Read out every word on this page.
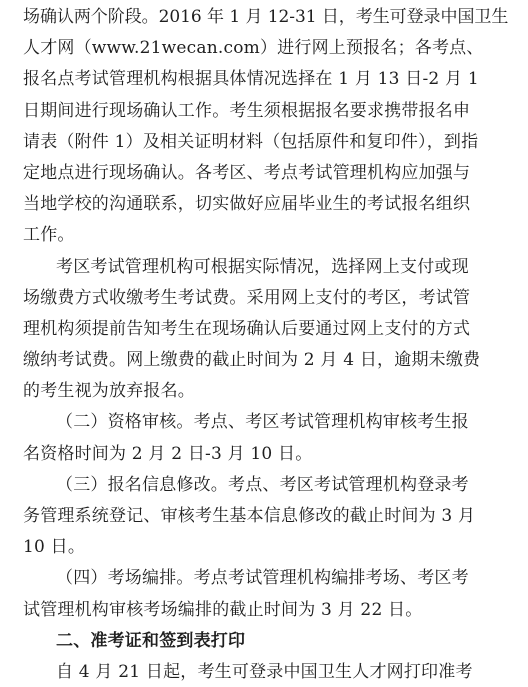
场确认两个阶段。2016 年 1 月 12-31 日，考生可登录中国卫生
人才网（www.21wecan.com）进行网上预报名；各考点、
报名点考试管理机构根据具体情况选择在 1 月 13 日-2 月 1
日期间进行现场确认工作。考生须根据报名要求携带报名申
请表（附件 1）及相关证明材料（包括原件和复印件），到指
定地点进行现场确认。各考区、考点考试管理机构应加强与
当地学校的沟通联系，切实做好应届毕业生的考试报名组织
工作。
考区考试管理机构可根据实际情况，选择网上支付或现
场缴费方式收缴考生考试费。采用网上支付的考区，考试管
理机构须提前告知考生在现场确认后要通过网上支付的方式
缴纳考试费。网上缴费的截止时间为 2 月 4 日，逾期未缴费
的考生视为放弃报名。
（二）资格审核。考点、考区考试管理机构审核考生报
名资格时间为 2 月 2 日-3 月 10 日。
（三）报名信息修改。考点、考区考试管理机构登录考
务管理系统登记、审核考生基本信息修改的截止时间为 3 月
10 日。
（四）考场编排。考点考试管理机构编排考场、考区考
试管理机构审核考场编排的截止时间为 3 月 22 日。
二、准考证和签到表打印
自 4 月 21 日起，考生可登录中国卫生人才网打印准考
